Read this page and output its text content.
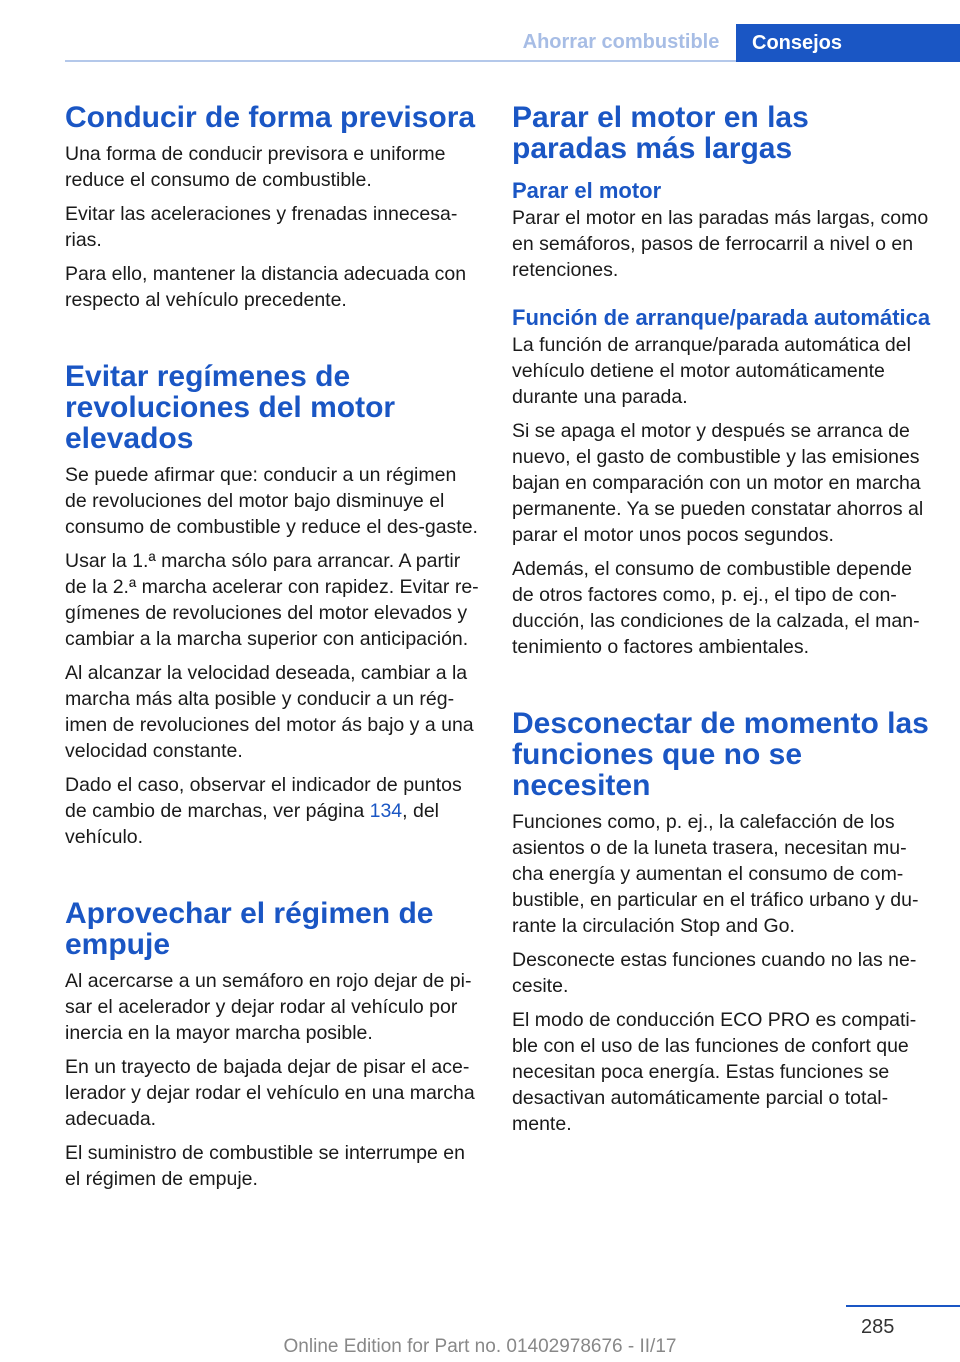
Ahorrar combustible	Consejos
Conducir de forma previsora

Una forma de conducir previsora e uniforme reduce el consumo de combustible.

Evitar las aceleraciones y frenadas innecesa‐rias.

Para ello, mantener la distancia adecuada con respecto al vehículo precedente.

Evitar regímenes de revoluciones del motor elevados

Se puede afirmar que: conducir a un régimen de revoluciones del motor bajo disminuye el consumo de combustible y reduce el des‐gaste.

Usar la 1.ª marcha sólo para arrancar. A partir de la 2.ª marcha acelerar con rapidez. Evitar re‐gímenes de revoluciones del motor elevados y cambiar a la marcha superior con anticipación.

Al alcanzar la velocidad deseada, cambiar a la marcha más alta posible y conducir a un rég‐imen de revoluciones del motor ás bajo y a una velocidad constante.

Dado el caso, observar el indicador de puntos de cambio de marchas, ver página 134, del vehículo.

Aprovechar el régimen de empuje

Al acercarse a un semáforo en rojo dejar de pi‐sar el acelerador y dejar rodar al vehículo por inercia en la mayor marcha posible.

En un trayecto de bajada dejar de pisar el ace‐lerador y dejar rodar el vehículo en una marcha adecuada.

El suministro de combustible se interrumpe en el régimen de empuje.

Parar el motor en las paradas más largas
Parar el motor

Parar el motor en las paradas más largas, como en semáforos, pasos de ferrocarril a nivel o en retenciones.

Función de arranque/parada automática

La función de arranque/parada automática del vehículo detiene el motor automáticamente durante una parada.

Si se apaga el motor y después se arranca de nuevo, el gasto de combustible y las emisiones bajan en comparación con un motor en marcha permanente. Ya se pueden constatar ahorros al parar el motor unos pocos segundos.

Además, el consumo de combustible depende de otros factores como, p. ej., el tipo de con‐ducción, las condiciones de la calzada, el man‐tenimiento o factores ambientales.

Desconectar de momento las funciones que no se necesiten

Funciones como, p. ej., la calefacción de los asientos o de la luneta trasera, necesitan mu‐cha energía y aumentan el consumo de com‐bustible, en particular en el tráfico urbano y du‐rante la circulación Stop and Go.

Desconecte estas funciones cuando no las ne‐cesite.

El modo de conducción ECO PRO es compati‐ble con el uso de las funciones de confort que necesitan poca energía. Estas funciones se desactivan automáticamente parcial o total‐mente.

285
Online Edition for Part no. 01402978676 - II/17
